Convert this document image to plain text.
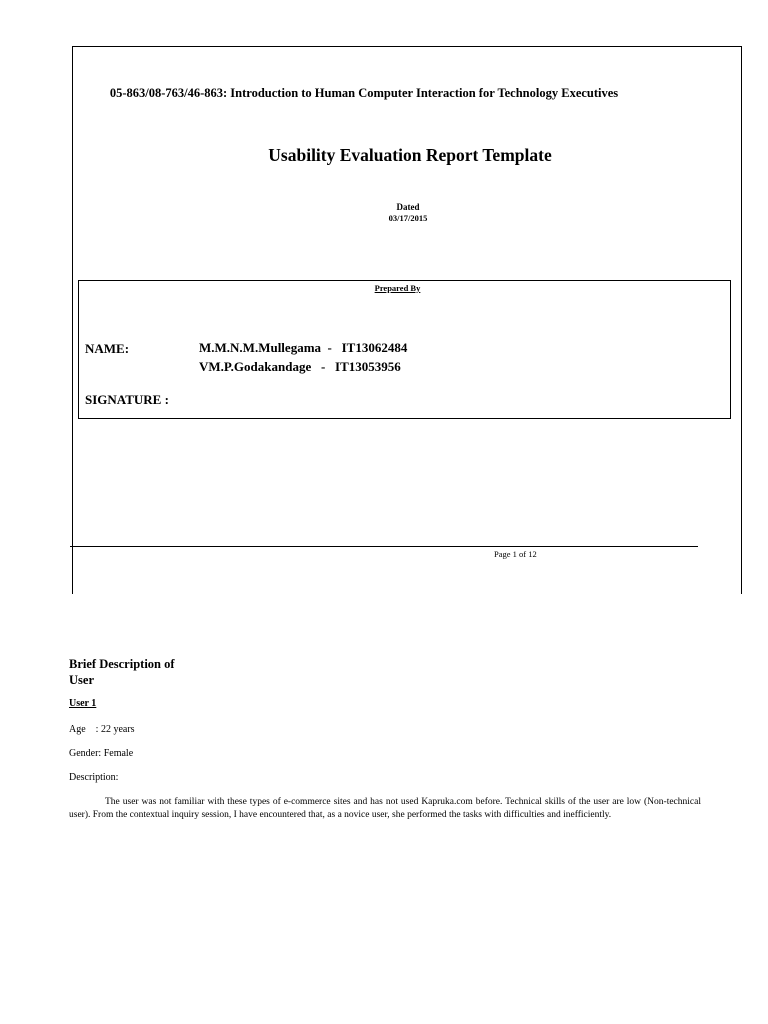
05-863/08-763/46-863: Introduction to Human Computer Interaction for Technology Executives
Usability Evaluation Report Template
Dated
03/17/2015
Prepared By
NAME:	M.M.N.M.Mullegama  -   IT13062484
VM.P.Godakandage   -   IT13053956
SIGNATURE :
Page 1 of 12
Brief Description of User
User 1
Age    : 22 years
Gender: Female
Description:
The user was not familiar with these types of e-commerce sites and has not used Kapruka.com before. Technical skills of the user are low (Non-technical user). From the contextual inquiry session, I have encountered that, as a novice user, she performed the tasks with difficulties and inefficiently.
